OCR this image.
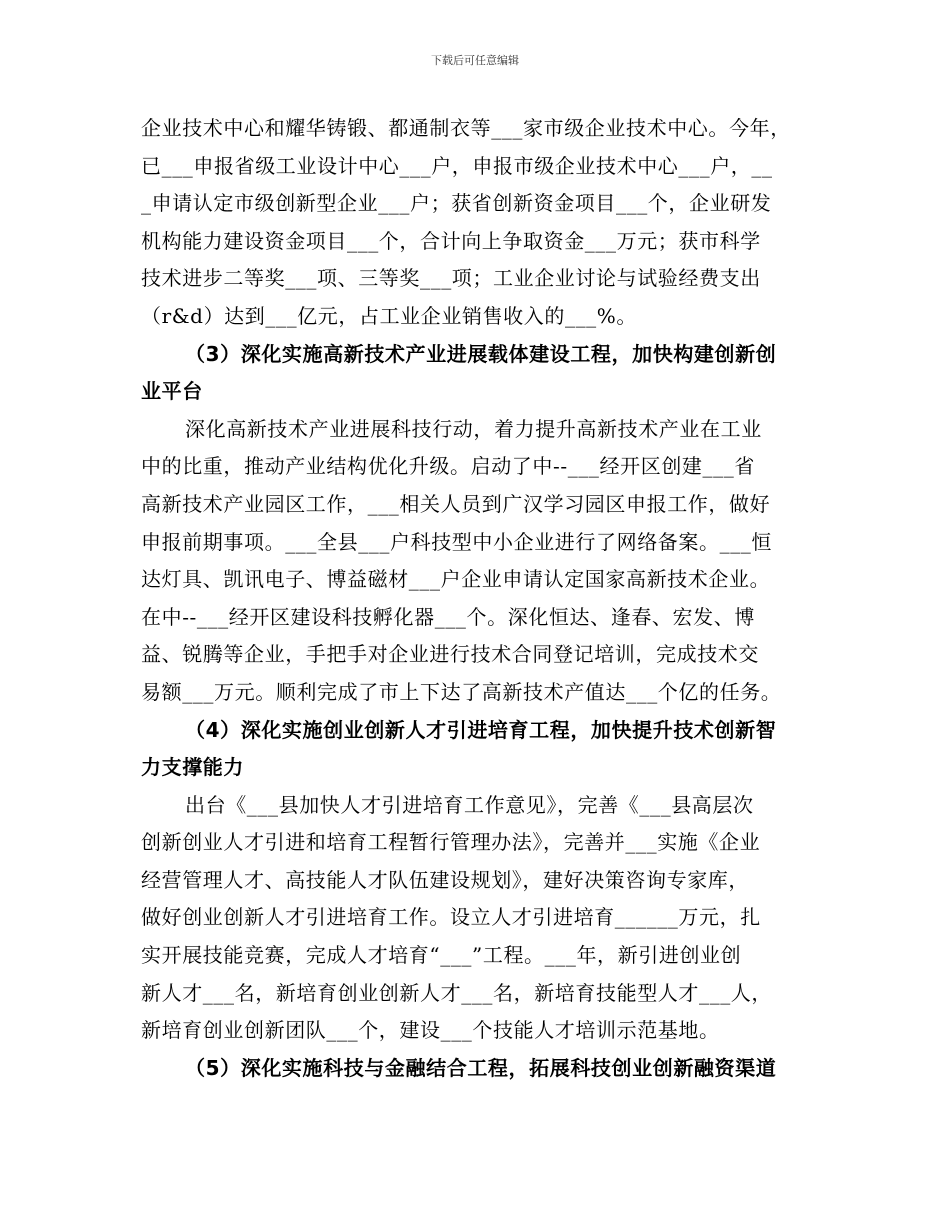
下载后可任意编辑

企业技术中心和耀华铸锻、都通制衣等___家市级企业技术中心。今年，

已___申报省级工业设计中心___户，申报市级企业技术中心___户，__

_申请认定市级创新型企业___户；获省创新资金项目___个，企业研发

机构能力建设资金项目___个，合计向上争取资金___万元；获市科学

技术进步二等奖___项、三等奖___项；工业企业讨论与试验经费支出

（r&d）达到___亿元，占工业企业销售收入的___%。

（3）深化实施高新技术产业进展载体建设工程，加快构建创新创

业平台

深化高新技术产业进展科技行动，着力提升高新技术产业在工业

中的比重，推动产业结构优化升级。启动了中--___经开区创建___省

高新技术产业园区工作，___相关人员到广汉学习园区申报工作，做好

申报前期事项。___全县___户科技型中小企业进行了网络备案。___恒

达灯具、凯讯电子、博益磁材___户企业申请认定国家高新技术企业。

在中--___经开区建设科技孵化器___个。深化恒达、逢春、宏发、博

益、锐腾等企业，手把手对企业进行技术合同登记培训，完成技术交

易额___万元。顺利完成了市上下达了高新技术产值达___个亿的任务。

（4）深化实施创业创新人才引进培育工程，加快提升技术创新智

力支撑能力

出台《___县加快人才引进培育工作意见》，完善《___县高层次

创新创业人才引进和培育工程暂行管理办法》，完善并___实施《企业

经营管理人才、高技能人才队伍建设规划》，建好决策咨询专家库，

做好创业创新人才引进培育工作。设立人才引进培育______万元，扎

实开展技能竞赛，完成人才培育“___”工程。___年，新引进创业创

新人才___名，新培育创业创新人才___名，新培育技能型人才___人，

新培育创业创新团队___个，建设___个技能人才培训示范基地。

（5）深化实施科技与金融结合工程，拓展科技创业创新融资渠道
